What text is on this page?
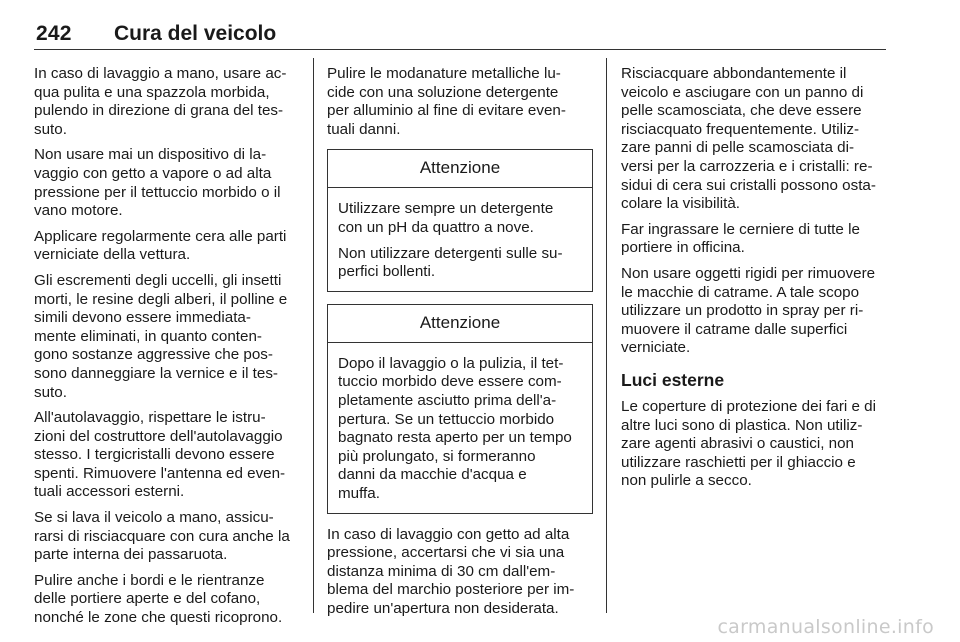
242 Cura del veicolo

In caso di lavaggio a mano, usare ac-
qua pulita e una spazzola morbida,
pulendo in direzione di grana del tes-
suto.

Non usare mai un dispositivo di la-
vaggio con getto a vapore o ad alta
pressione per il tettuccio morbido o il
vano motore.

Applicare regolarmente cera alle parti
verniciate della vettura.

Gli escrementi degli uccelli, gli insetti
morti, le resine degli alberi, il polline e
simili devono essere immediata-
mente eliminati, in quanto conten-
gono sostanze aggressive che pos-
sono danneggiare la vernice e il tes-
suto.

All'autolavaggio, rispettare le istru-
zioni del costruttore dell'autolavaggio
stesso. I tergicristalli devono essere
spenti. Rimuovere l'antenna ed even-
tuali accessori esterni.

Se si lava il veicolo a mano, assicu-
rarsi di risciacquare con cura anche la
parte interna dei passaruota.

Pulire anche i bordi e le rientranze
delle portiere aperte e del cofano,
nonché le zone che questi ricoprono.

Pulire le modanature metalliche lu-
cide con una soluzione detergente
per alluminio al fine di evitare even-
tuali danni.

Attenzione

Utilizzare sempre un detergente
con un pH da quattro a nove.

Non utilizzare detergenti sulle su-
perfici bollenti.

Attenzione

Dopo il lavaggio o la pulizia, il tet-
tuccio morbido deve essere com-
pletamente asciutto prima dell'a-
pertura. Se un tettuccio morbido
bagnato resta aperto per un tempo
più prolungato, si formeranno
danni da macchie d'acqua e
muffa.

In caso di lavaggio con getto ad alta
pressione, accertarsi che vi sia una
distanza minima di 30 cm dall'em-
blema del marchio posteriore per im-
pedire un'apertura non desiderata.

Risciacquare abbondantemente il
veicolo e asciugare con un panno di
pelle scamosciata, che deve essere
risciacquato frequentemente. Utiliz-
zare panni di pelle scamosciata di-
versi per la carrozzeria e i cristalli: re-
sidui di cera sui cristalli possono osta-
colare la visibilità.

Far ingrassare le cerniere di tutte le
portiere in officina.

Non usare oggetti rigidi per rimuovere
le macchie di catrame. A tale scopo
utilizzare un prodotto in spray per ri-
muovere il catrame dalle superfici
verniciate.

Luci esterne

Le coperture di protezione dei fari e di
altre luci sono di plastica. Non utiliz-
zare agenti abrasivi o caustici, non
utilizzare raschietti per il ghiaccio e
non pulirle a secco.

carmanualsonline.info
